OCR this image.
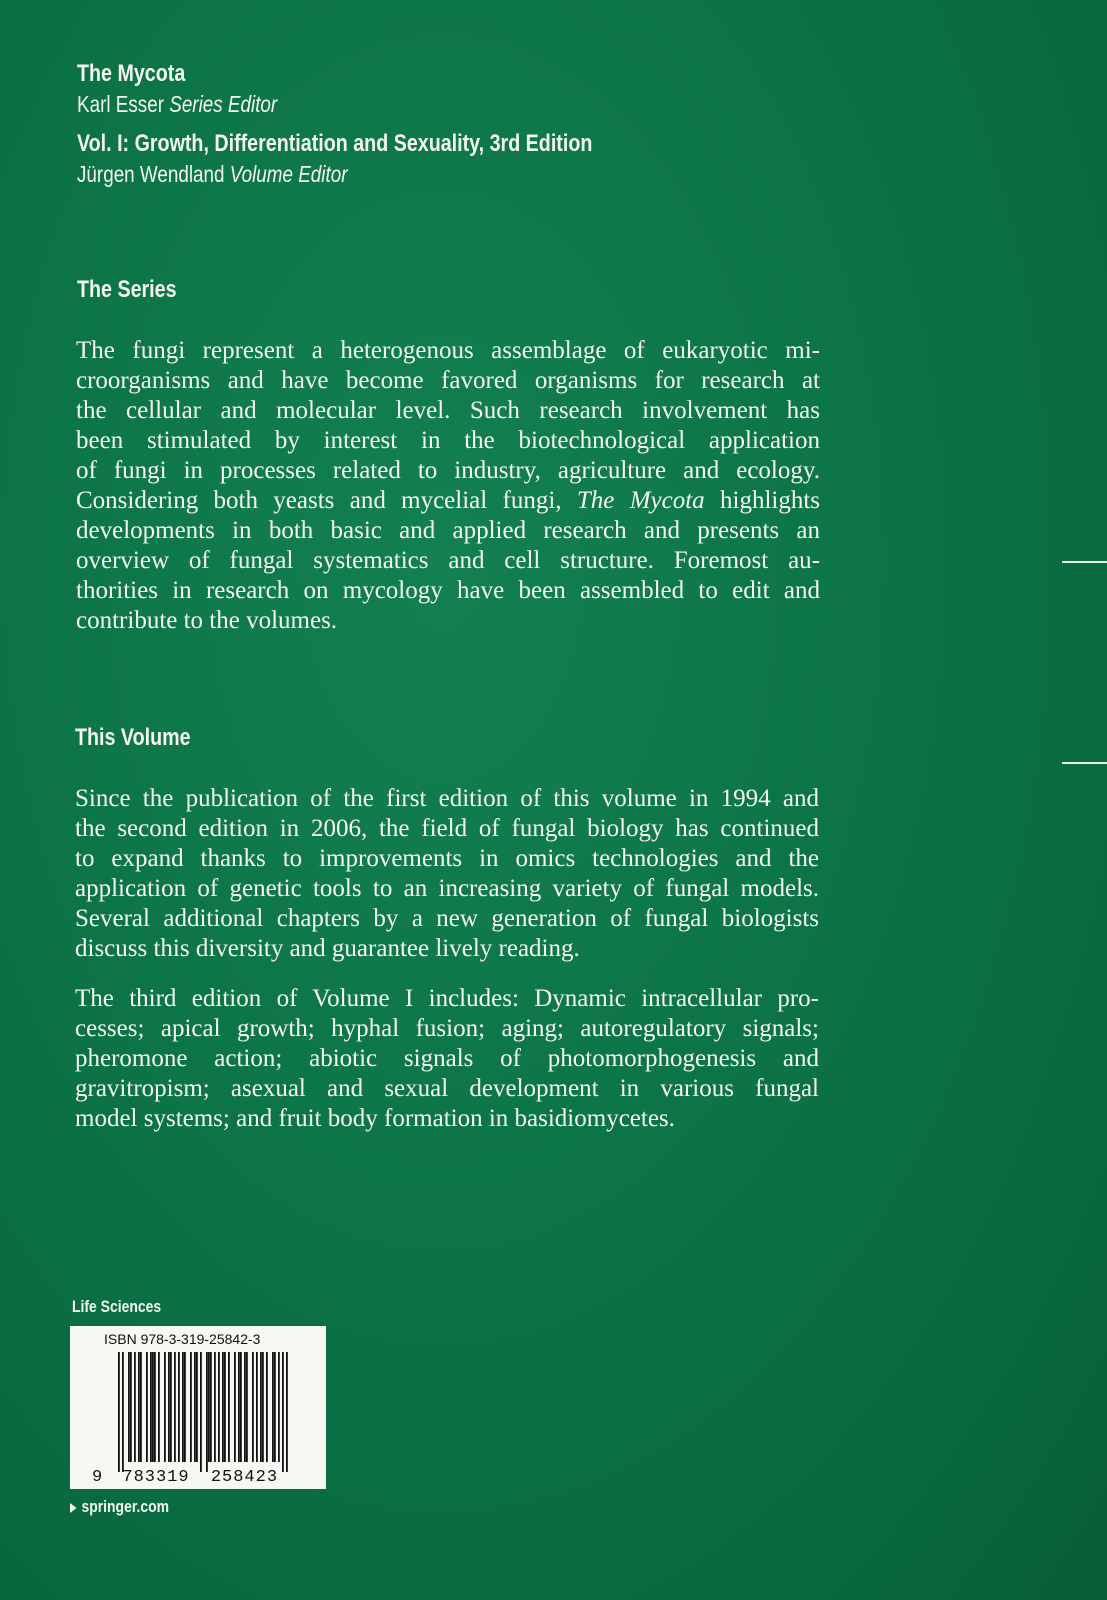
The Mycota
Karl Esser Series Editor
Vol. I: Growth, Differentiation and Sexuality, 3rd Edition
Jürgen Wendland Volume Editor
The Series
The fungi represent a heterogenous assemblage of eukaryotic mi-
croorganisms and have become favored organisms for research at
the cellular and molecular level. Such research involvement has
been stimulated by interest in the biotechnological application
of fungi in processes related to industry, agriculture and ecology.
Considering both yeasts and mycelial fungi, The Mycota highlights
developments in both basic and applied research and presents an
overview of fungal systematics and cell structure. Foremost au-
thorities in research on mycology have been assembled to edit and
contribute to the volumes.
This Volume
Since the publication of the first edition of this volume in 1994 and
the second edition in 2006, the field of fungal biology has continued
to expand thanks to improvements in omics technologies and the
application of genetic tools to an increasing variety of fungal models.
Several additional chapters by a new generation of fungal biologists
discuss this diversity and guarantee lively reading.
The third edition of Volume I includes: Dynamic intracellular pro-
cesses; apical growth; hyphal fusion; aging; autoregulatory signals;
pheromone action; abiotic signals of photomorphogenesis and
gravitropism; asexual and sexual development in various fungal
model systems; and fruit body formation in basidiomycetes.
Life Sciences
ISBN 978-3-319-25842-3
9 783319 258423
springer.com
